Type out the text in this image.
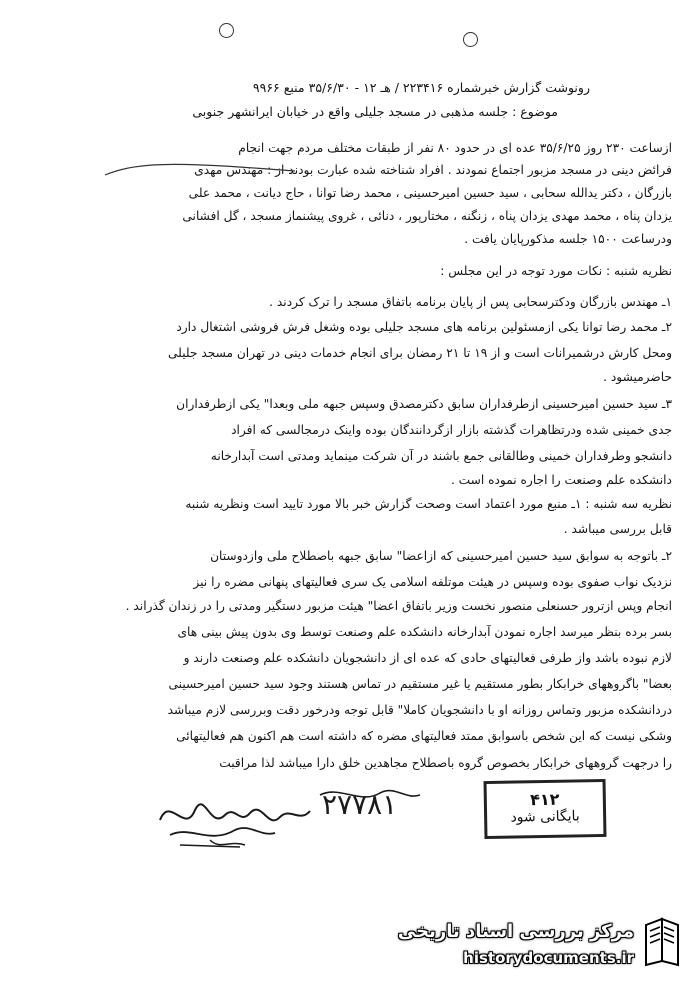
رونوشت گزارش خبرشماره ۲۲۳۴۱۶ / هـ ۱۲ - ۳۵/۶/۳۰ منبع ۹۹۶۶
موضوع : جلسه مذهبی در مسجد جلیلی واقع در خیابان ایرانشهر جنوبی
ازساعت ۲۳۰ روز ۳۵/۶/۲۵ عده ای در حدود ۸۰ نفر از طبقات مختلف مردم جهت انجام
فرائض دینی در مسجد مزبور اجتماع نمودند . افراد شناخته شده عبارت بودند از : مهندس مهدی
بازرگان ، دکتر یدالله سحابی ، سید حسین امیرحسینی ، محمد رضا توانا ، حاج دیانت ، محمد علی
یزدان پناه ، محمد مهدی یزدان پناه ، زنگنه ، مختارپور ، دنائی ، غروی پیشنماز مسجد ، گل افشانی
ودرساعت ۱۵۰۰ جلسه مذکورپایان یافت .
نظریه شنبه : نکات مورد توجه در این مجلس :
۱ـ مهندس بازرگان ودکترسحابی پس از پایان برنامه باتفاق مسجد را ترک کردند .
۲ـ محمد رضا توانا یکی ازمسئولین برنامه های مسجد جلیلی بوده وشغل فرش فروشی اشتغال دارد
ومحل کارش درشمیرانات است و از ۱۹ تا ۲۱ رمضان برای انجام خدمات دینی در تهران مسجد جلیلی
حاضرمیشود .
۳ـ سید حسین امیرحسینی ازطرفداران سابق دکترمصدق وسپس جبهه ملی وبعدا" یکی ازطرفداران
جدی خمینی شده ودرتظاهرات گذشته بازار ازگردانندگان بوده واینک درمجالسی که افراد
دانشجو وطرفداران خمینی وطالقانی جمع باشند در آن شرکت مینماید ومدتی است آبدارخانه
دانشکده علم وصنعت را اجاره نموده است .
نظریه سه شنبه : ۱ـ منبع مورد اعتماد است وصحت گزارش خبر بالا مورد تایید است ونظریه شنبه
قابل بررسی میباشد .
۲ـ باتوجه به سوابق سید حسین امیرحسینی که ازاعضا" سابق جبهه باصطلاح ملی وازدوستان
نزدیک نواب صفوی بوده وسپس در هیئت موتلفه اسلامی یک سری فعالیتهای پنهانی مضره را نیز
انجام وپس ازترور حسنعلی منصور نخست وزیر باتفاق اعضا" هیئت مزبور دستگیر ومدتی را در زندان گذراند .
بسر برده بنظر میرسد اجاره نمودن آبدارخانه دانشکده علم وصنعت توسط وی بدون پیش بینی های
لازم نبوده باشد واز طرفی فعالیتهای حادی که عده ای از دانشجویان دانشکده علم وصنعت دارند و
بعضا" باگروههای خرابکار بطور مستقیم یا غیر مستقیم در تماس هستند وجود سید حسین امیرحسینی
دردانشکده مزبور وتماس روزانه او با دانشجویان کاملا" قابل توجه ودرخور دقت وبررسی لازم میباشد
وشکی نیست که این شخص باسوابق ممتد فعالیتهای مضره که داشته است هم اکنون هم فعالیتهائی
را درجهت گروههای خرابکار بخصوص گروه باصطلاح مجاهدین خلق دارا میباشد لذا مراقبت
۴۱۲
بایگانی شود
۲۷۷۸۱
مرکز بررسی اسناد تاریخی
historydocuments.ir
